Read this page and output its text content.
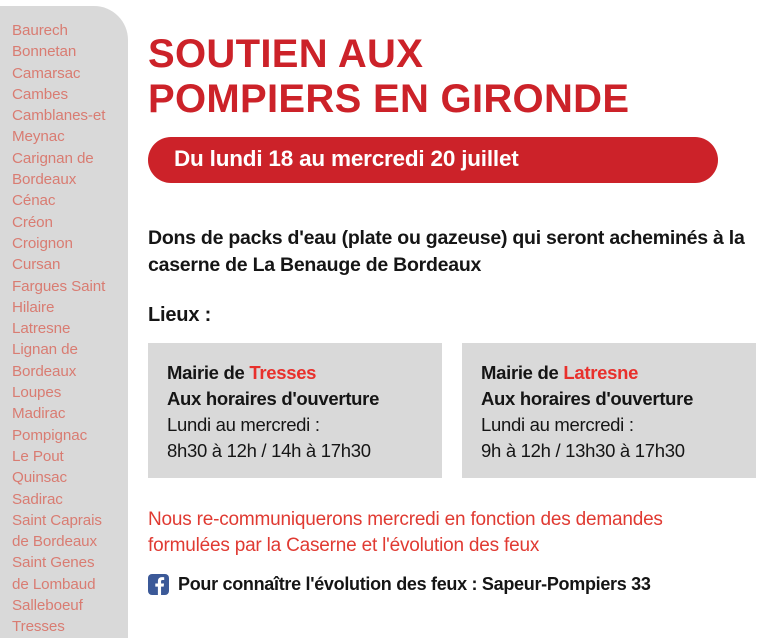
Baurech
Bonnetan
Camarsac
Cambes
Camblanes-et
Meynac
Carignan de
Bordeaux
Cénac
Créon
Croignon
Cursan
Fargues Saint
Hilaire
Latresne
Lignan de
Bordeaux
Loupes
Madirac
Pompignac
Le Pout
Quinsac
Sadirac
Saint Caprais
de Bordeaux
Saint Genes
de Lombaud
Salleboeuf
Tresses
SOUTIEN AUX
POMPIERS EN GIRONDE
Du lundi 18 au mercredi 20 juillet

Dons de packs d'eau (plate ou gazeuse) qui seront acheminés à la caserne de La Benauge de Bordeaux

Lieux :

Mairie de Tresses
Aux horaires d'ouverture
Lundi au mercredi :
8h30 à 12h / 14h à 17h30
Mairie de Latresne
Aux horaires d'ouverture
Lundi au mercredi :
9h à 12h / 13h30 à 17h30

Nous re-communiquerons mercredi en fonction des demandes formulées par la Caserne et l'évolution des feux

Pour connaître l'évolution des feux : Sapeur-Pompiers 33
